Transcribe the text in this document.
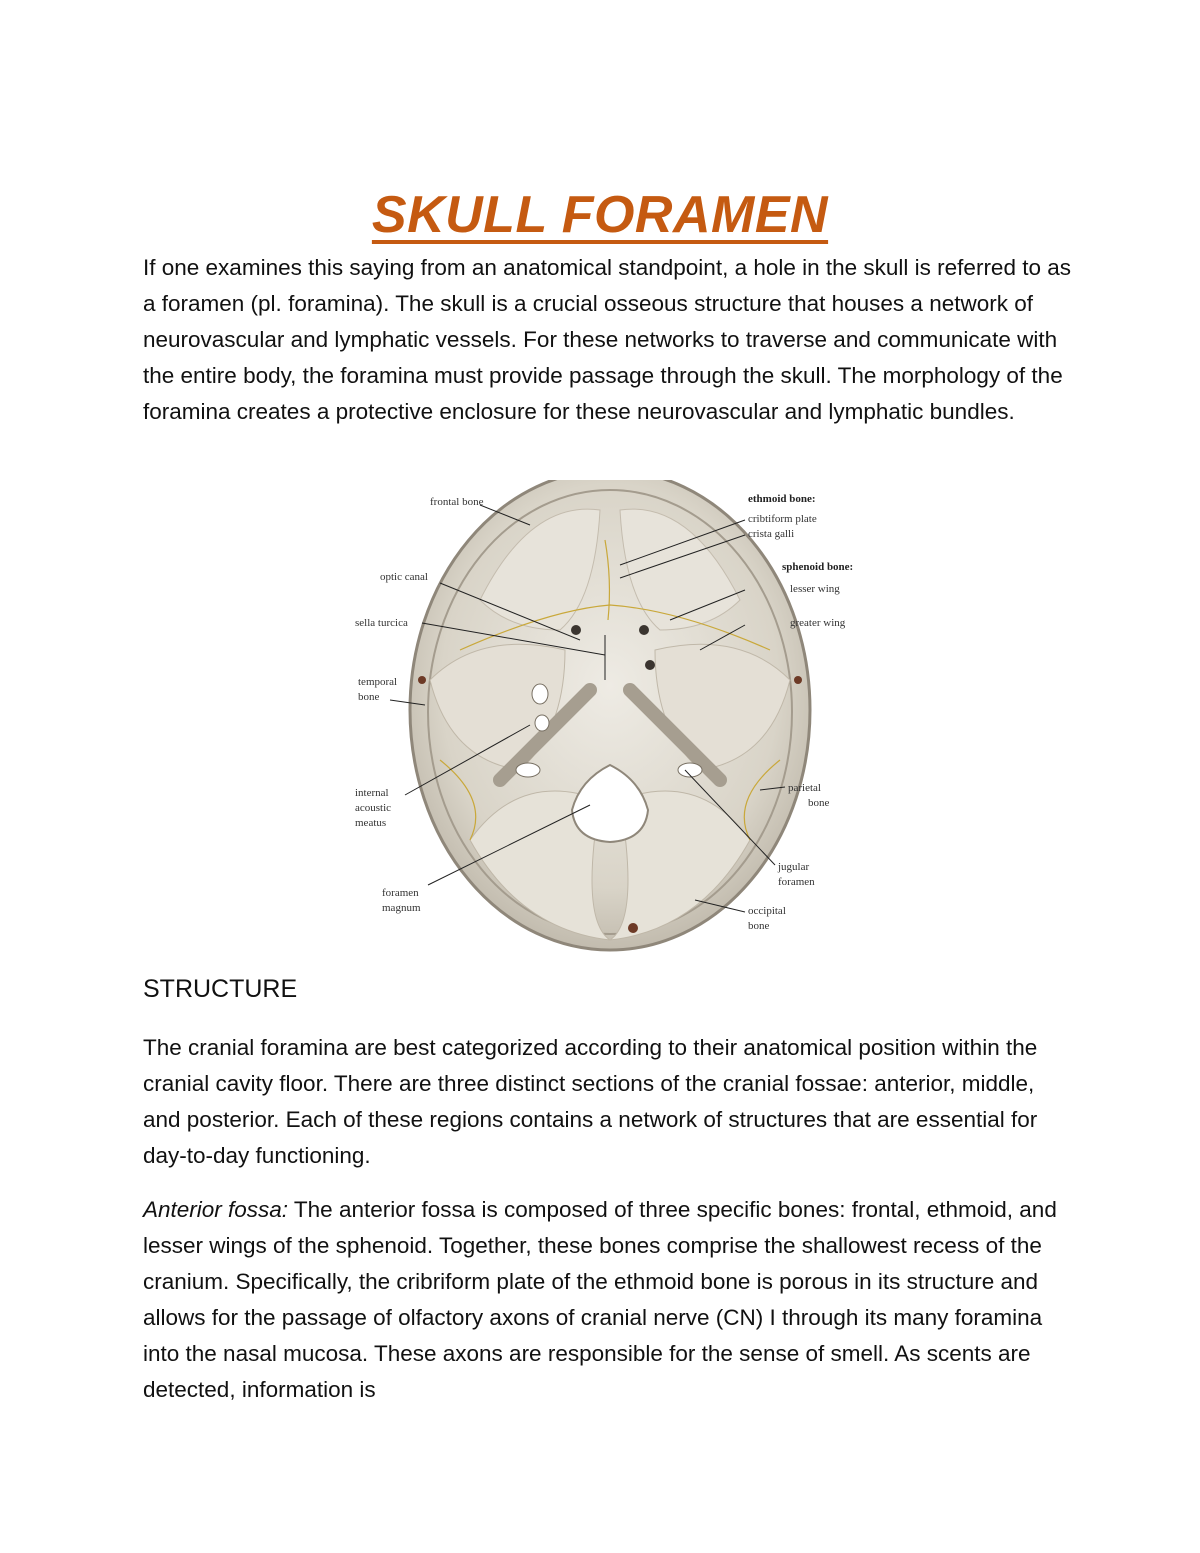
SKULL FORAMEN

If one examines this saying from an anatomical standpoint, a hole in the skull is referred to as a foramen (pl. foramina). The skull is a crucial osseous structure that houses a network of neurovascular and lymphatic vessels. For these networks to traverse and communicate with the entire body, the foramina must provide passage through the skull. The morphology of the foramina creates a protective enclosure for these neurovascular and lymphatic bundles.

frontal bone	ethmoid bone:
cribtiform plate
crista galli
sphenoid bone:
lesser wing
greater wing
optic canal
sella turcica
temporal
bone
internal
acoustic
meatus
parietal
bone
jugular
foramen
foramen
magnum	occipital
bone
STRUCTURE

The cranial foramina are best categorized according to their anatomical position within the cranial cavity floor. There are three distinct sections of the cranial fossae: anterior, middle, and posterior. Each of these regions contains a network of structures that are essential for day-to-day functioning.

Anterior fossa: The anterior fossa is composed of three specific bones: frontal, ethmoid, and lesser wings of the sphenoid. Together, these bones comprise the shallowest recess of the cranium. Specifically, the cribriform plate of the ethmoid bone is porous in its structure and allows for the passage of olfactory axons of cranial nerve (CN) I through its many foramina into the nasal mucosa. These axons are responsible for the sense of smell. As scents are detected, information is
